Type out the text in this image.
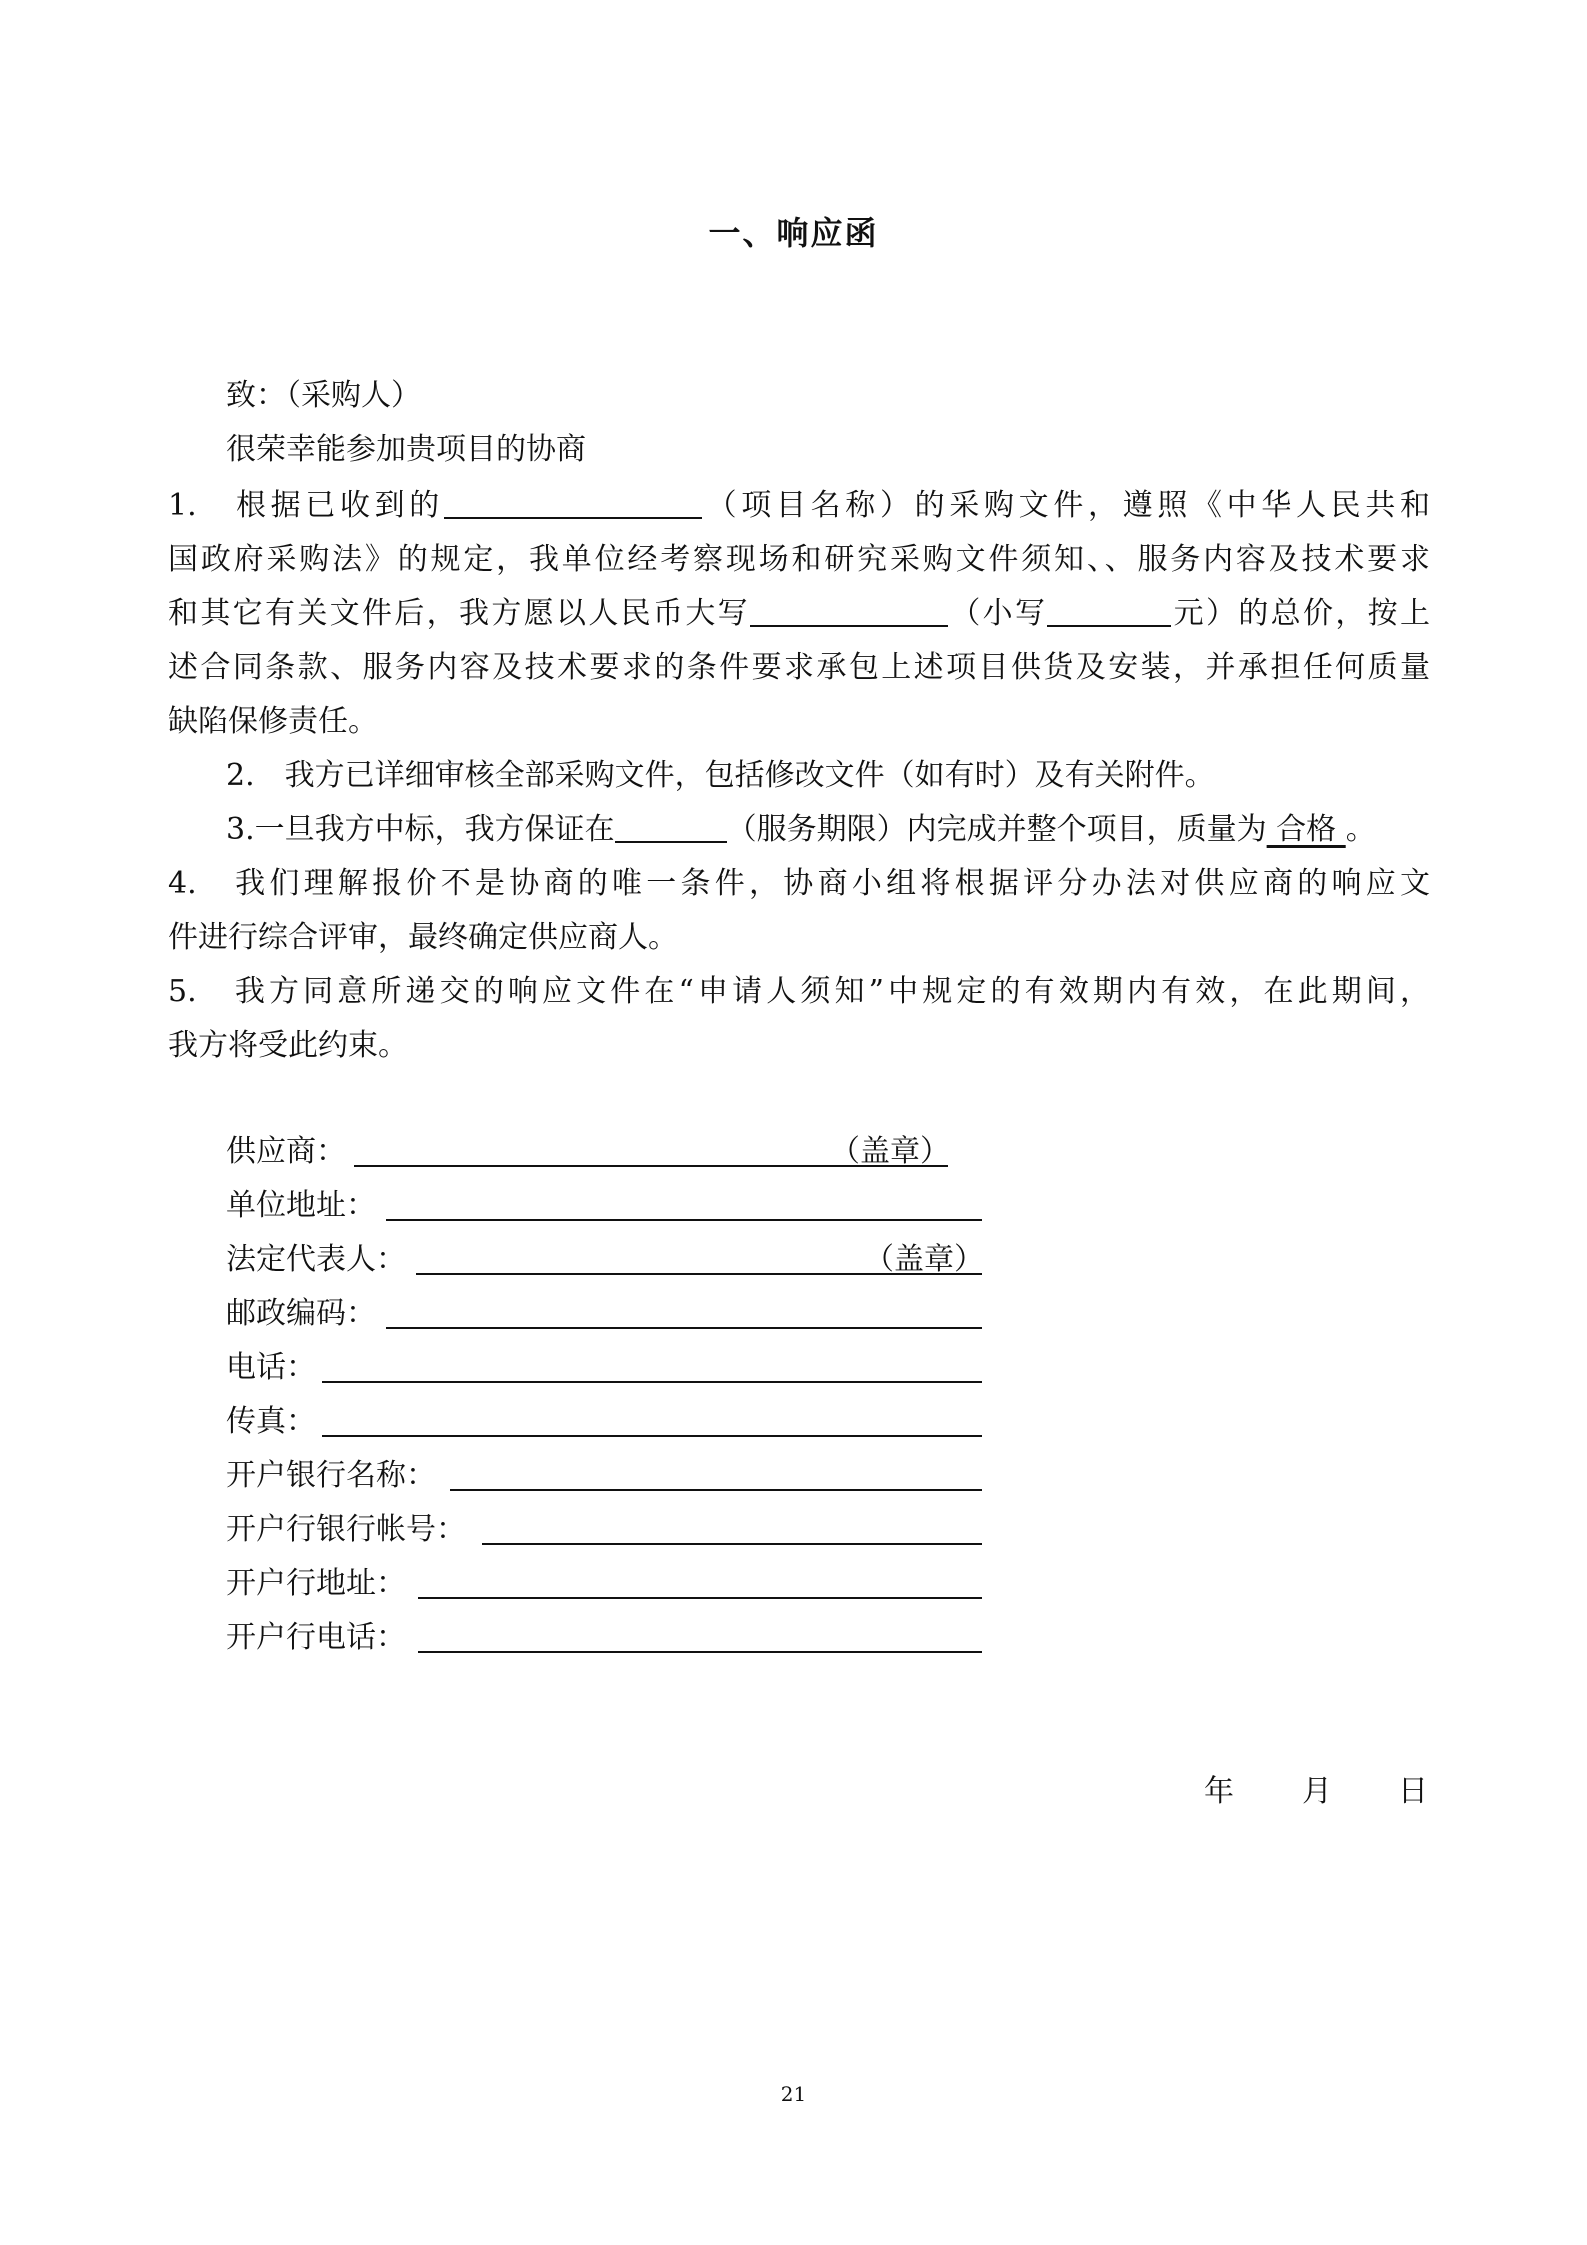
一、响应函
致：（采购人）
很荣幸能参加贵项目的协商
1.　根据已收到的	（项目名称）的采购文件，遵照《中华人民共和
国政府采购法》的规定，我单位经考察现场和研究采购文件须知、、服务内容及技术要求
和其它有关文件后，我方愿以人民币大写	（小写	元）的总价，按上
述合同条款、服务内容及技术要求的条件要求承包上述项目供货及安装，并承担任何质量
缺陷保修责任。
2.　我方已详细审核全部采购文件，包括修改文件（如有时）及有关附件。
3.一旦我方中标，我方保证在	（服务期限）内完成并整个项目，质量为 合格 。
4.　我们理解报价不是协商的唯一条件，协商小组将根据评分办法对供应商的响应文
件进行综合评审，最终确定供应商人。
5.　我方同意所递交的响应文件在“申请人须知”中规定的有效期内有效，在此期间，
我方将受此约束。
供应商：	（盖章）
单位地址：
法定代表人：	（盖章）
邮政编码：
电话：
传真：
开户银行名称：
开户行银行帐号：
开户行地址：
开户行电话：
年 月 日
21
